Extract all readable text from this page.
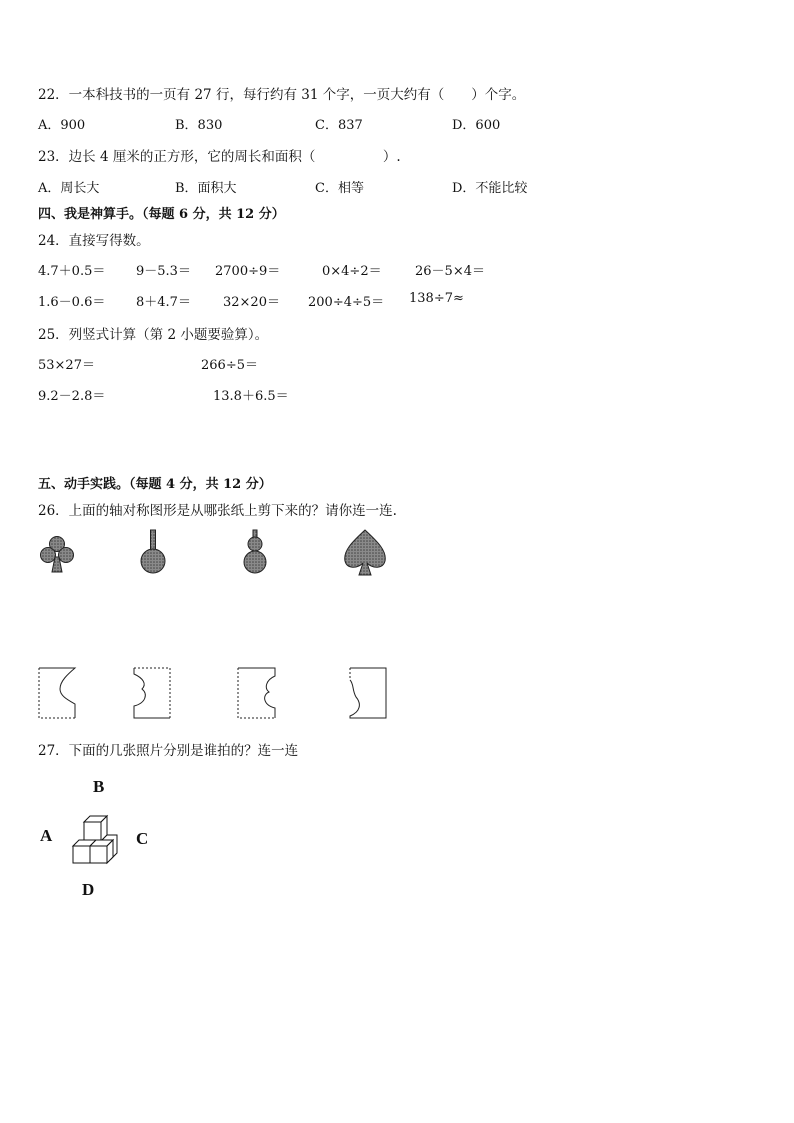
22．一本科技书的一页有 27 行，每行约有 31 个字，一页大约有（　　）个字。
A．900	B．830	C．837	D．600
23．边长 4 厘米的正方形，它的周长和面积（　　　　　）.
A．周长大	B．面积大	C．相等	D．不能比较
四、我是神算手。（每题 6 分，共 12 分）
24．直接写得数。
4.7＋0.5＝ 9－5.3＝ 2700÷9＝	0×4÷2＝	26－5×4＝
1.6－0.6＝ 8＋4.7＝ 32×20＝ 200÷4÷5＝ 138÷7≈
25．列竖式计算（第 2 小题要验算）。
53×27＝	266÷5＝
9.2－2.8＝	13.8＋6.5＝
五、动手实践。（每题 4 分，共 12 分）
26．上面的轴对称图形是从哪张纸上剪下来的？请你连一连.
27．下面的几张照片分别是谁拍的？连一连
B
A	C
D
